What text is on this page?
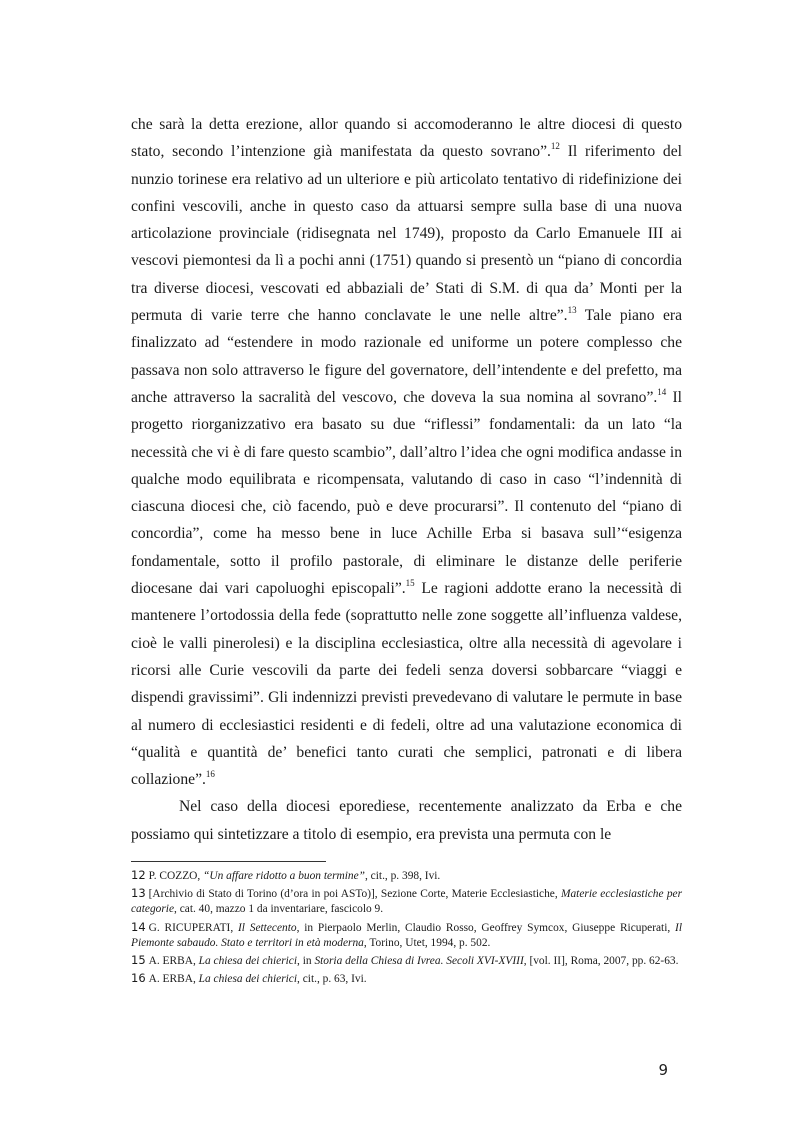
che sarà la detta erezione, allor quando si accomoderanno le altre diocesi di questo stato, secondo l’intenzione già manifestata da questo sovrano”.$^{12}$ Il riferimento del nunzio torinese era relativo ad un ulteriore e più articolato tentativo di ridefinizione dei confini vescovili, anche in questo caso da attuarsi sempre sulla base di una nuova articolazione provinciale (ridisegnata nel 1749), proposto da Carlo Emanuele III ai vescovi piemontesi da lì a pochi anni (1751) quando si presentò un “piano di concordia tra diverse diocesi, vescovati ed abbaziali de’ Stati di S.M. di qua da’ Monti per la permuta di varie terre che hanno conclavate le une nelle altre”.$^{13}$ Tale piano era finalizzato ad “estendere in modo razionale ed uniforme un potere complesso che passava non solo attraverso le figure del governatore, dell’intendente e del prefetto, ma anche attraverso la sacralità del vescovo, che doveva la sua nomina al sovrano”.$^{14}$ Il progetto riorganizzativo era basato su due “riflessi” fondamentali: da un lato “la necessità che vi è di fare questo scambio”, dall’altro l’idea che ogni modifica andasse in qualche modo equilibrata e ricompensata, valutando di caso in caso “l’indennità di ciascuna diocesi che, ciò facendo, può e deve procurarsi”. Il contenuto del “piano di concordia”, come ha messo bene in luce Achille Erba si basava sull’“esigenza fondamentale, sotto il profilo pastorale, di eliminare le distanze delle periferie diocesane dai vari capoluoghi episcopali”.$^{15}$ Le ragioni addotte erano la necessità di mantenere l’ortodossia della fede (soprattutto nelle zone soggette all’influenza valdese, cioè le valli pinerolesi) e la disciplina ecclesiastica, oltre alla necessità di agevolare i ricorsi alle Curie vescovili da parte dei fedeli senza doversi sobbarcare “viaggi e dispendi gravissimi”. Gli indennizzi previsti prevedevano di valutare le permute in base al numero di ecclesiastici residenti e di fedeli, oltre ad una valutazione economica di “qualità e quantità de’ benefici tanto curati che semplici, patronati e di libera collazione”.$^{16}$

Nel caso della diocesi eporediese, recentemente analizzato da Erba e che possiamo qui sintetizzare a titolo di esempio, era prevista una permuta con le

12 P. COZZO, “Un affare ridotto a buon termine”, cit., p. 398, Ivi.
13 [Archivio di Stato di Torino (d’ora in poi ASTo)], Sezione Corte, Materie Ecclesiastiche, Materie ecclesiastiche per categorie, cat. 40, mazzo 1 da inventariare, fascicolo 9.
14 G. RICUPERATI, Il Settecento, in Pierpaolo Merlin, Claudio Rosso, Geoffrey Symcox, Giuseppe Ricuperati, Il Piemonte sabaudo. Stato e territori in età moderna, Torino, Utet, 1994, p. 502.
15 A. ERBA, La chiesa dei chierici, in Storia della Chiesa di Ivrea. Secoli XVI-XVIII, [vol. II], Roma, 2007, pp. 62-63.
16 A. ERBA, La chiesa dei chierici, cit., p. 63, Ivi.
9
